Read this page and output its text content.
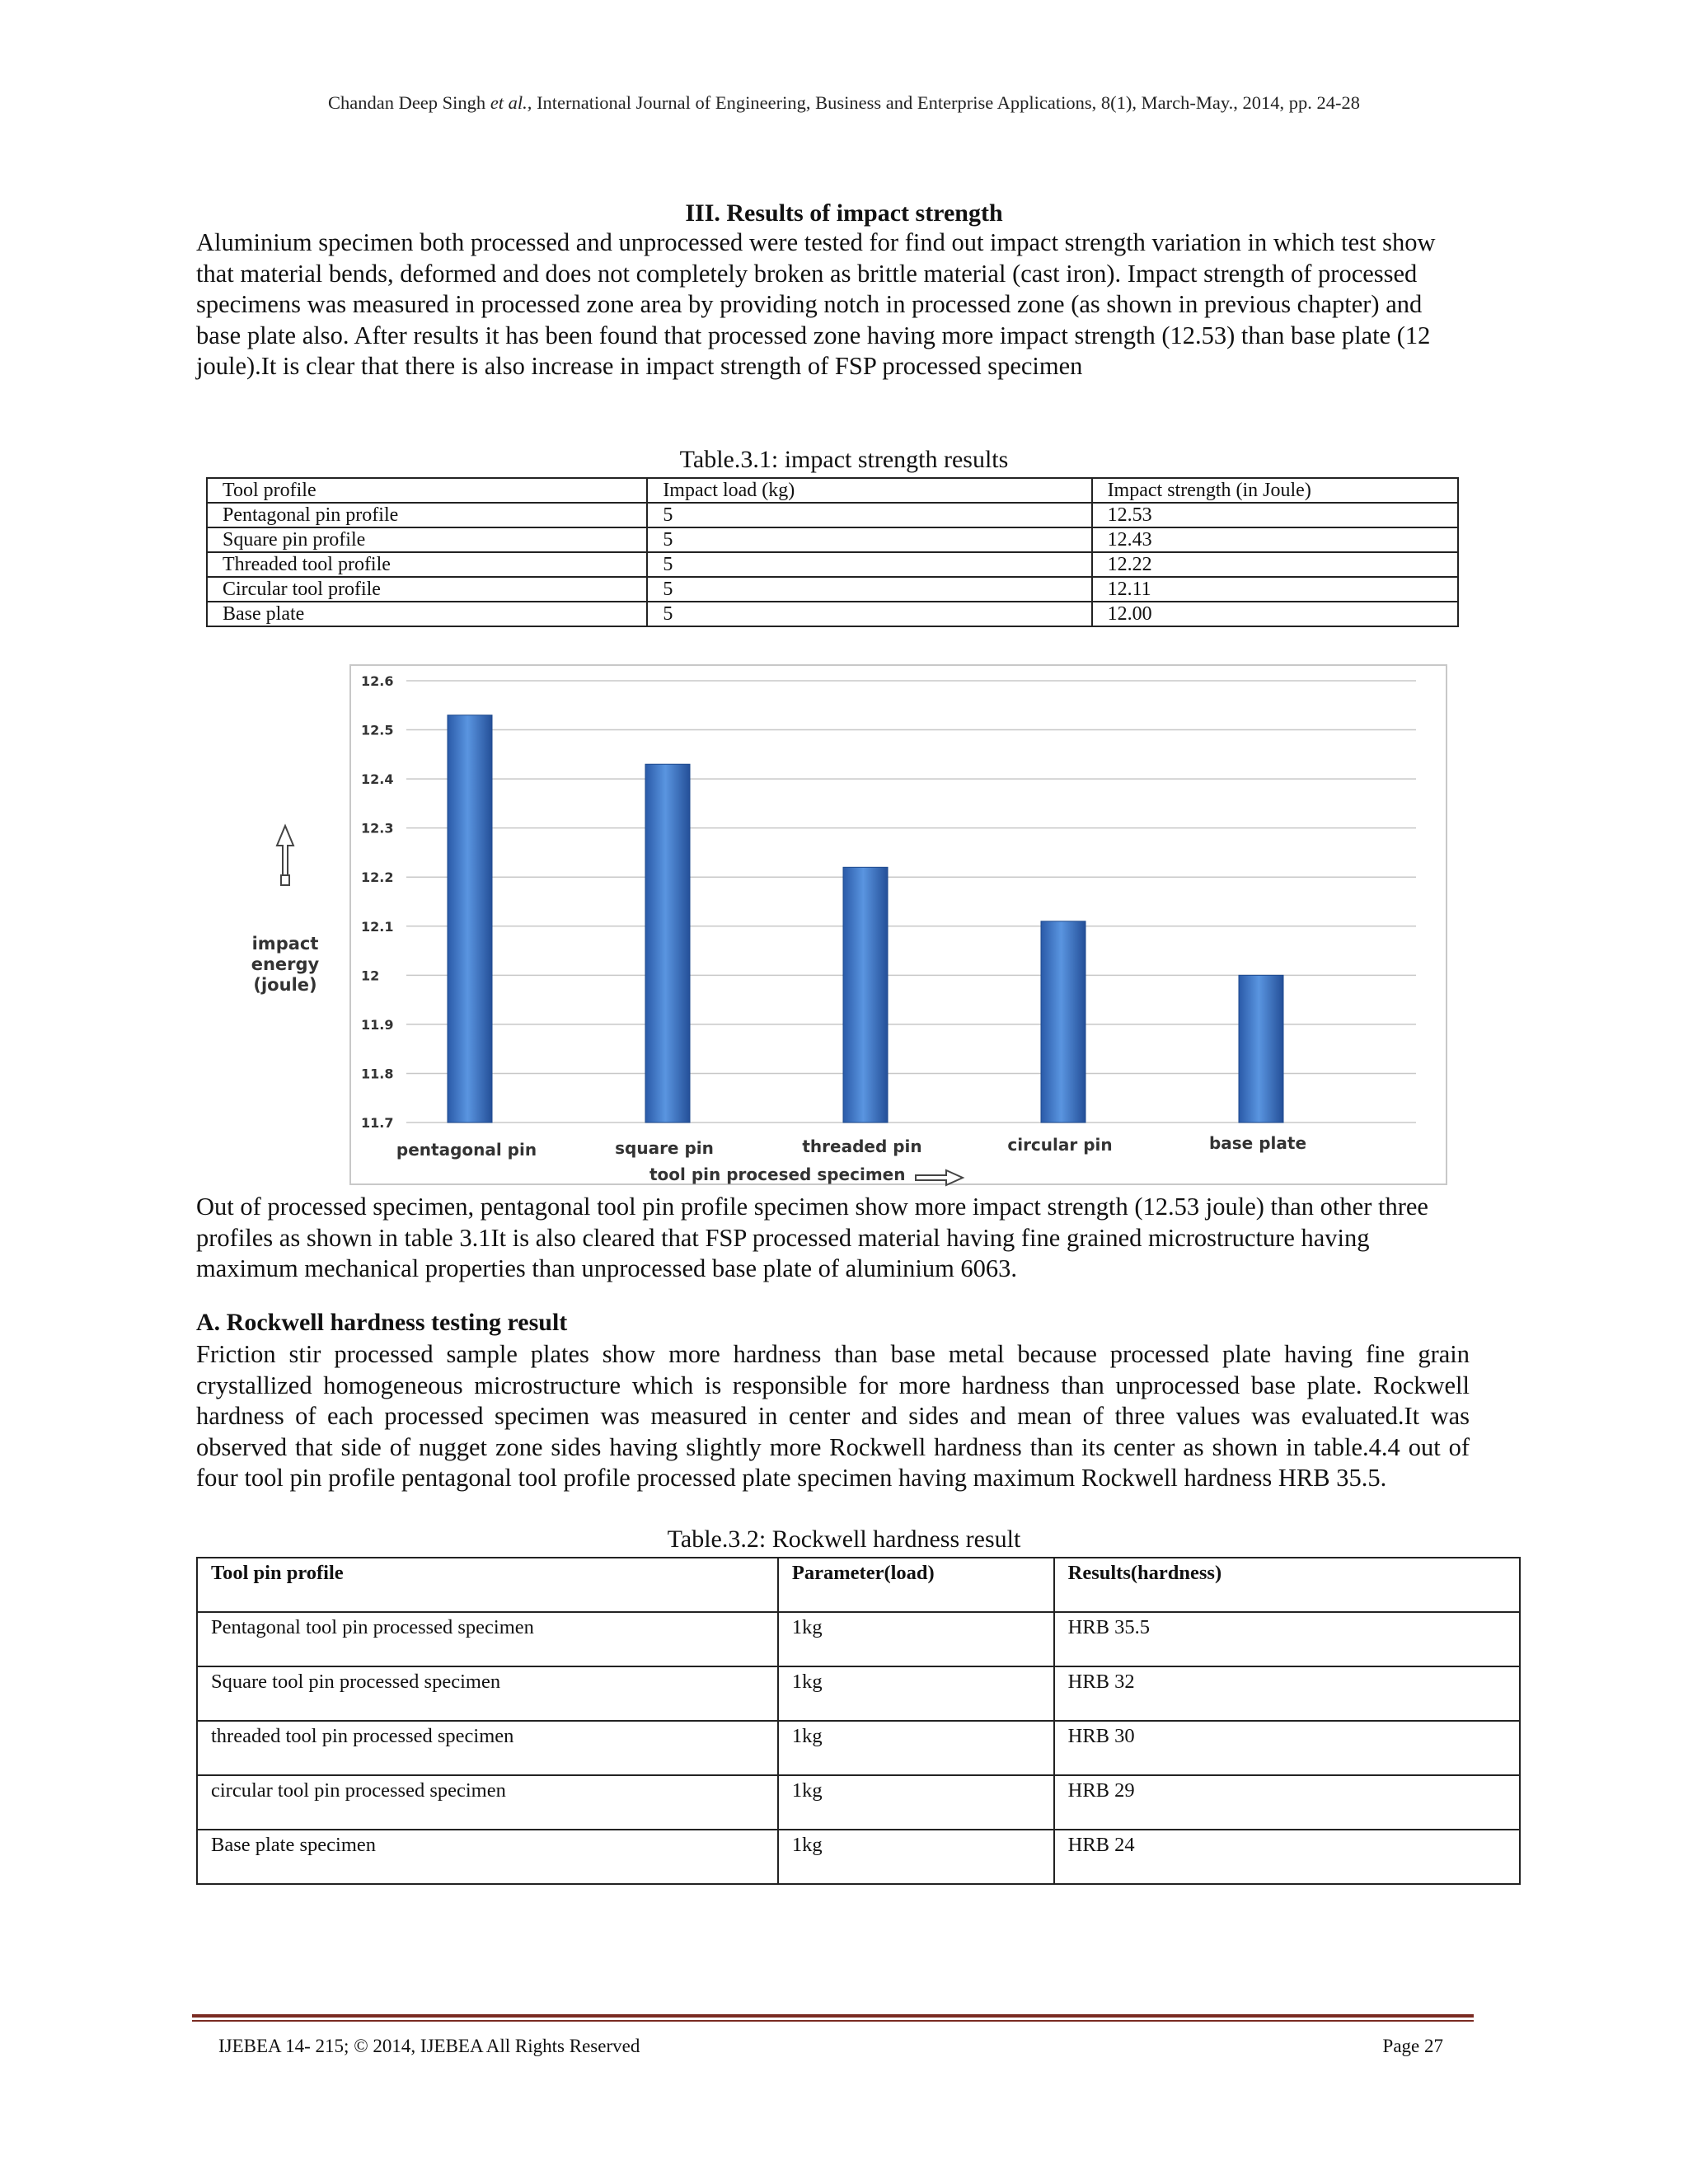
Chandan Deep Singh et al., International Journal of Engineering, Business and Enterprise Applications, 8(1), March-May., 2014, pp. 24-28
III. Results of impact strength
Aluminium specimen both processed and unprocessed were tested for find out impact strength variation in which test show that material bends, deformed and does not completely broken as brittle material (cast iron). Impact strength of processed specimens was measured in processed zone area by providing notch in processed zone (as shown in previous chapter) and base plate also. After results it has been found that processed zone having more impact strength (12.53) than base plate (12 joule).It is clear that there is also increase in impact strength of FSP processed specimen
Table.3.1: impact strength results
Tool profile	Impact load (kg)	Impact strength (in Joule)
Pentagonal pin profile	5	12.53
Square pin profile	5	12.43
Threaded tool profile	5	12.22
Circular tool profile	5	12.11
Base plate	5	12.00
11.7
11.8
11.9
12
12.1
12.2
12.3
12.4
12.5
12.6
pentagonal pin	square pin	threaded pin	circular pin	base plate
impact
energy
(joule)
tool pin procesed specimen
Out of processed specimen, pentagonal tool pin profile specimen show more impact strength (12.53 joule) than other three profiles as shown in table 3.1It is also cleared that FSP processed material having fine grained microstructure having maximum mechanical properties than unprocessed base plate of aluminium 6063.
A. Rockwell hardness testing result
Friction stir processed sample plates show more hardness than base metal because processed plate having fine grain crystallized homogeneous microstructure which is responsible for more hardness than unprocessed base plate. Rockwell hardness of each processed specimen was measured in center and sides and mean of three values was evaluated.It was observed that side of nugget zone sides having slightly more Rockwell hardness than its center as shown in table.4.4 out of four tool pin profile pentagonal tool profile processed plate specimen having maximum Rockwell hardness HRB 35.5.
Table.3.2: Rockwell hardness result
Tool pin profile	Parameter(load)	Results(hardness)
Pentagonal tool pin processed specimen	1kg	HRB 35.5
Square tool pin processed specimen	1kg	HRB 32
threaded tool pin processed specimen	1kg	HRB 30
circular tool pin processed specimen	1kg	HRB 29
Base plate specimen	1kg	HRB 24
IJEBEA 14- 215; © 2014, IJEBEA All Rights Reserved	Page 27
